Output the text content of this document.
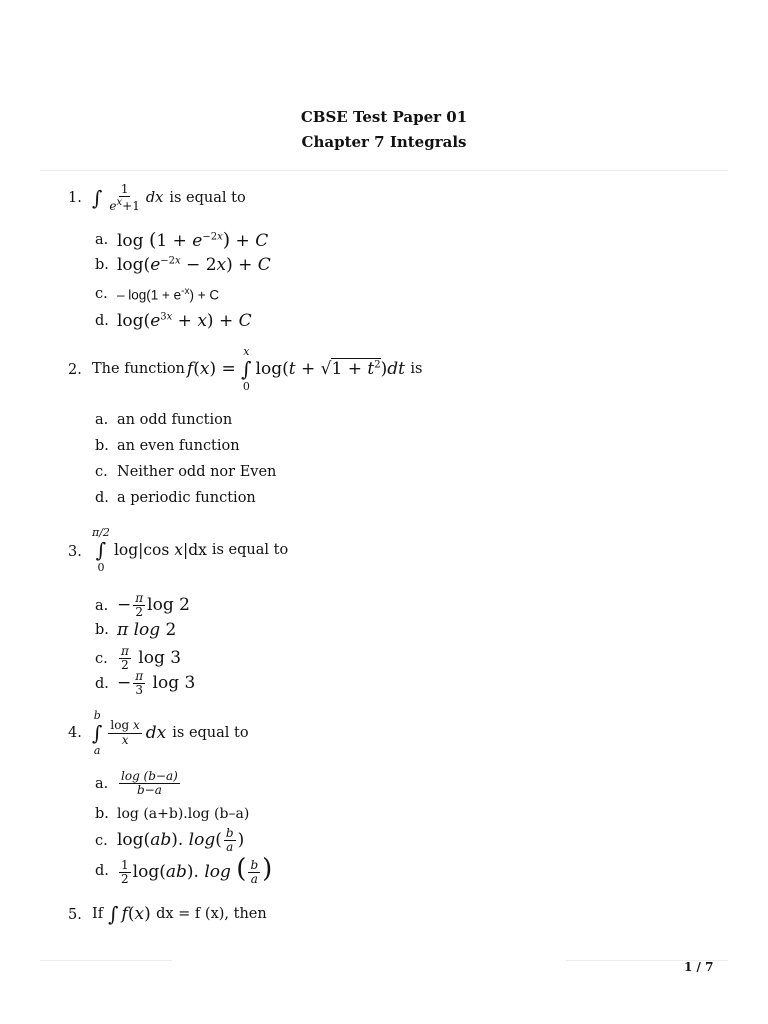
CBSE Test Paper 01
Chapter 7 Integrals
1. ∫ $\frac{1}{e^x+1}$ dx is equal to
a. $\log (1 + e^{-2x}) + C$
b. $\log(e^{-2x} - 2x) + C$
c. – $\log(1 + e^{-x}) + C$
d. $\log(e^{3x} + x) + C$
2. The function f(x) =
x
∫
0
$\log(t + √1 + t^2)dt$ is
a. an odd function
b. an even function
c. Neither odd nor Even
d. a periodic function
3.
π/2
∫
0
log|cos x|dx is equal to
a. − $\frac{\pi}{2}$ log 2
b. π log 2
c. $\frac{\pi}{2}$ log 3
d. − $\frac{\pi}{3}$ log 3
4.
b
∫
a
$\frac{\text{log x}}{x}$ dx is equal to
a. $\frac{\log (b-a)}{b-a}$
b. log (a+b).log (b–a)
c. log(ab). $\log( \frac{b}{a}$ )
d. $\frac{1}{2} \log(ab)$. log ( $\frac{b}{a}$ )
5. If ∫ f(x) dx = f (x), then
1 / 7
